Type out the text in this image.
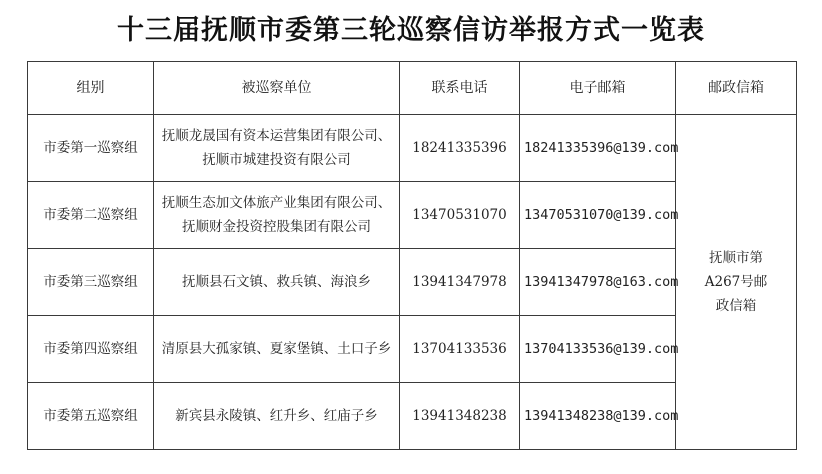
十三届抚顺市委第三轮巡察信访举报方式一览表
组别	被巡察单位	联系电话	电子邮箱	邮政信箱
市委第一巡察组	抚顺龙晟国有资本运营集团有限公司、抚顺市城建投资有限公司	18241335396	18241335396@139.com	抚顺市第A267号邮政信箱
市委第二巡察组	抚顺生态加文体旅产业集团有限公司、抚顺财金投资控股集团有限公司	13470531070	13470531070@139.com	
市委第三巡察组	抚顺县石文镇、救兵镇、海浪乡	13941347978	13941347978@163.com	
市委第四巡察组	清原县大孤家镇、夏家堡镇、土口子乡	13704133536	13704133536@139.com	
市委第五巡察组	新宾县永陵镇、红升乡、红庙子乡	13941348238	13941348238@139.com	
